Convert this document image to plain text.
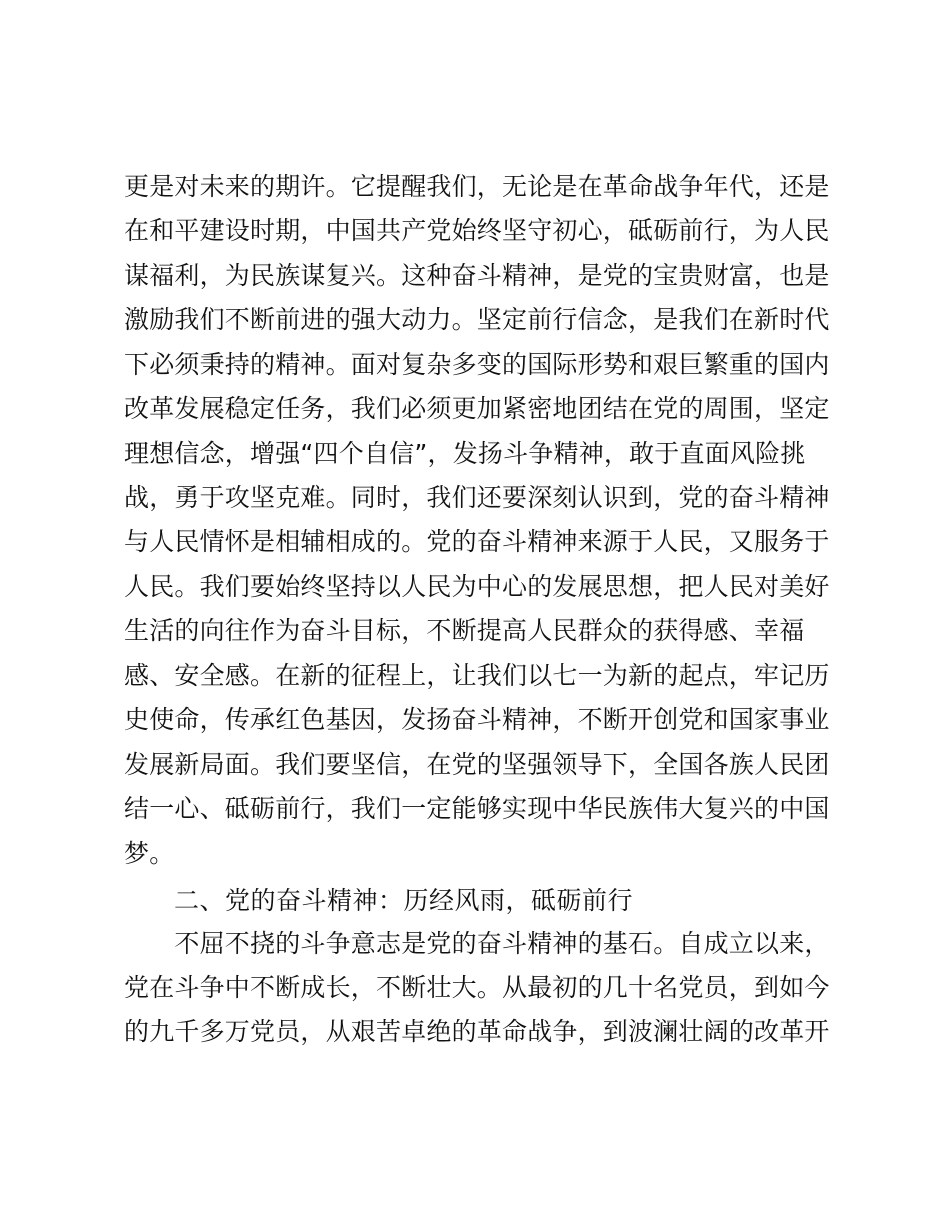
更是对未来的期许。它提醒我们，无论是在革命战争年代，还是
在和平建设时期，中国共产党始终坚守初心，砥砺前行，为人民
谋福利，为民族谋复兴。这种奋斗精神，是党的宝贵财富，也是
激励我们不断前进的强大动力。坚定前行信念，是我们在新时代
下必须秉持的精神。面对复杂多变的国际形势和艰巨繁重的国内
改革发展稳定任务，我们必须更加紧密地团结在党的周围，坚定
理想信念，增强“四个自信”，发扬斗争精神，敢于直面风险挑
战，勇于攻坚克难。同时，我们还要深刻认识到，党的奋斗精神
与人民情怀是相辅相成的。党的奋斗精神来源于人民，又服务于
人民。我们要始终坚持以人民为中心的发展思想，把人民对美好
生活的向往作为奋斗目标，不断提高人民群众的获得感、幸福
感、安全感。在新的征程上，让我们以七一为新的起点，牢记历
史使命，传承红色基因，发扬奋斗精神，不断开创党和国家事业
发展新局面。我们要坚信，在党的坚强领导下，全国各族人民团
结一心、砥砺前行，我们一定能够实现中华民族伟大复兴的中国
梦。
二、党的奋斗精神：历经风雨，砥砺前行
　　不屈不挠的斗争意志是党的奋斗精神的基石。自成立以来，
党在斗争中不断成长，不断壮大。从最初的几十名党员，到如今
的九千多万党员，从艰苦卓绝的革命战争，到波澜壮阔的改革开
